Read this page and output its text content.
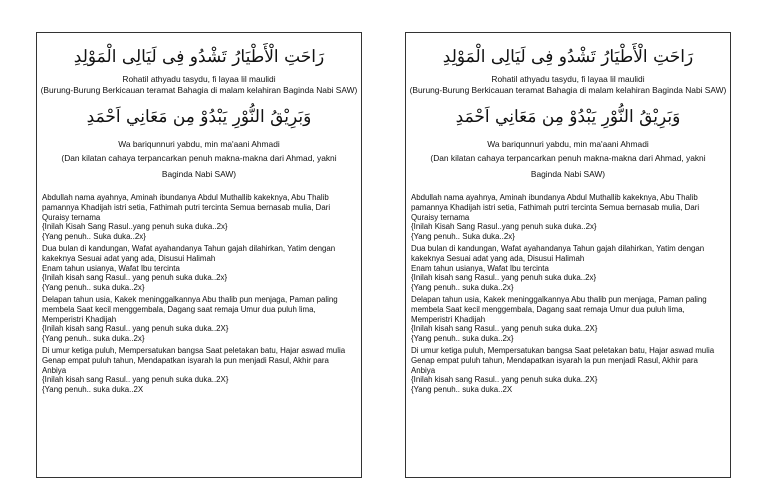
رَاحَتِ الْأَطْيَارُ تَشْدُو فِى لَيَالِى الْمَوْلِدِ

Rohatil athyadu tasydu, fi layaa lil maulidi

(Burung-Burung Berkicauan teramat Bahagia di malam kelahiran Baginda Nabi SAW)

وَبَرِيْقُ النُّوْرِ يَبْدُوْ مِن مَعَانِي اَحْمَدِ

Wa bariqunnuri yabdu, min ma'aani Ahmadi

(Dan kilatan cahaya terpancarkan penuh makna-makna dari Ahmad, yakni

Baginda Nabi SAW)

Abdullah nama ayahnya, Aminah ibundanya Abdul Muthallib kakeknya, Abu Thalib

pamannya Khadijah istri setia, Fathimah putri tercinta Semua bernasab mulia, Dari

Quraisy ternama

{Inilah Kisah Sang Rasul..yang penuh suka duka..2x}

{Yang penuh.. Suka duka..2x}

Dua bulan di kandungan, Wafat ayahandanya Tahun gajah dilahirkan, Yatim dengan

kakeknya Sesuai adat yang ada, Disusui Halimah

Enam tahun usianya, Wafat Ibu tercinta

{Inilah kisah sang Rasul.. yang penuh suka duka..2x}

{Yang penuh.. suka duka..2x}

Delapan tahun usia, Kakek meninggalkannya Abu thalib pun menjaga, Paman paling

membela Saat kecil menggembala, Dagang saat remaja Umur dua puluh lima,

Memperistri Khadijah

{Inilah kisah sang Rasul.. yang penuh suka duka..2X}

{Yang penuh.. suka duka..2x}

Di umur ketiga puluh, Mempersatukan bangsa Saat peletakan batu, Hajar aswad mulia

Genap empat puluh tahun, Mendapatkan isyarah la pun menjadi Rasul, Akhir para

Anbiya

{Inilah kisah sang Rasul.. yang penuh suka duka..2X}

{Yang penuh.. suka duka..2X

رَاحَتِ الْأَطْيَارُ تَشْدُو فِى لَيَالِى الْمَوْلِدِ

Rohatil athyadu tasydu, fi layaa lil maulidi

(Burung-Burung Berkicauan teramat Bahagia di malam kelahiran Baginda Nabi SAW)

وَبَرِيْقُ النُّوْرِ يَبْدُوْ مِن مَعَانِي اَحْمَدِ

Wa bariqunnuri yabdu, min ma'aani Ahmadi

(Dan kilatan cahaya terpancarkan penuh makna-makna dari Ahmad, yakni

Baginda Nabi SAW)

Abdullah nama ayahnya, Aminah ibundanya Abdul Muthallib kakeknya, Abu Thalib

pamannya Khadijah istri setia, Fathimah putri tercinta Semua bernasab mulia, Dari

Quraisy ternama

{Inilah Kisah Sang Rasul..yang penuh suka duka..2x}

{Yang penuh.. Suka duka..2x}

Dua bulan di kandungan, Wafat ayahandanya Tahun gajah dilahirkan, Yatim dengan

kakeknya Sesuai adat yang ada, Disusui Halimah

Enam tahun usianya, Wafat Ibu tercinta

{Inilah kisah sang Rasul.. yang penuh suka duka..2x}

{Yang penuh.. suka duka..2x}

Delapan tahun usia, Kakek meninggalkannya Abu thalib pun menjaga, Paman paling

membela Saat kecil menggembala, Dagang saat remaja Umur dua puluh lima,

Memperistri Khadijah

{Inilah kisah sang Rasul.. yang penuh suka duka..2X}

{Yang penuh.. suka duka..2x}

Di umur ketiga puluh, Mempersatukan bangsa Saat peletakan batu, Hajar aswad mulia

Genap empat puluh tahun, Mendapatkan isyarah la pun menjadi Rasul, Akhir para

Anbiya

{Inilah kisah sang Rasul.. yang penuh suka duka..2X}

{Yang penuh.. suka duka..2X
